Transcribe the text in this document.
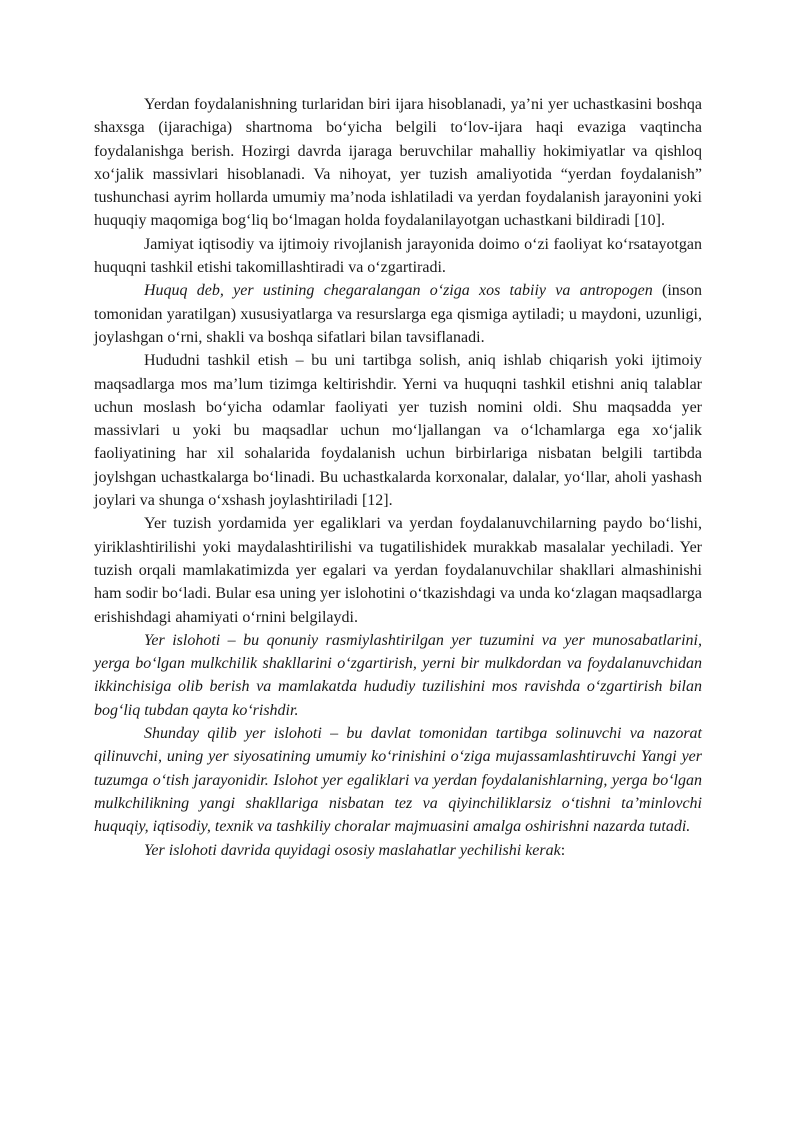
Yerdan foydalanishning turlaridan biri ijara hisoblanadi, ya’ni yer uchastkasini boshqa shaxsga (ijarachiga) shartnoma bo‘yicha belgili to‘lov-ijara haqi evaziga vaqtincha foydalanishga berish. Hozirgi davrda ijaraga beruvchilar mahalliy hokimiyatlar va qishloq xo‘jalik massivlari hisoblanadi. Va nihoyat, yer tuzish amaliyotida “yerdan foydalanish” tushunchasi ayrim hollarda umumiy ma’noda ishlatiladi va yerdan foydalanish jarayonini yoki huquqiy maqomiga bog‘liq bo‘lmagan holda foydalanilayotgan uchastkani bildiradi [10].

Jamiyat iqtisodiy va ijtimoiy rivojlanish jarayonida doimo o‘zi faoliyat ko‘rsatayotgan huquqni tashkil etishi takomillashtiradi va o‘zgartiradi.

Huquq deb, yer ustining chegaralangan o‘ziga xos tabiiy va antropogen (inson tomonidan yaratilgan) xususiyatlarga va resurslarga ega qismiga aytiladi; u maydoni, uzunligi, joylashgan o‘rni, shakli va boshqa sifatlari bilan tavsiflanadi.

Hududni tashkil etish – bu uni tartibga solish, aniq ishlab chiqarish yoki ijtimoiy maqsadlarga mos ma’lum tizimga keltirishdir. Yerni va huquqni tashkil etishni aniq talablar uchun moslash bo‘yicha odamlar faoliyati yer tuzish nomini oldi. Shu maqsadda yer massivlari u yoki bu maqsadlar uchun mo‘ljallangan va o‘lchamlarga ega xo‘jalik faoliyatining har xil sohalarida foydalanish uchun birbirlariga nisbatan belgili tartibda joylshgan uchastkalarga bo‘linadi. Bu uchastkalarda korxonalar, dalalar, yo‘llar, aholi yashash joylari va shunga o‘xshash joylashtiriladi [12].

Yer tuzish yordamida yer egaliklari va yerdan foydalanuvchilarning paydo bo‘lishi, yiriklashtirilishi yoki maydalashtirilishi va tugatilishidek murakkab masalalar yechiladi. Yer tuzish orqali mamlakatimizda yer egalari va yerdan foydalanuvchilar shakllari almashinishi ham sodir bo‘ladi. Bular esa uning yer islohotini o‘tkazishdagi va unda ko‘zlagan maqsadlarga erishishdagi ahamiyati o‘rnini belgilaydi.

Yer islohoti – bu qonuniy rasmiylashtirilgan yer tuzumini va yer munosabatlarini, yerga bo‘lgan mulkchilik shakllarini o‘zgartirish, yerni bir mulkdordan va foydalanuvchidan ikkinchisiga olib berish va mamlakatda hududiy tuzilishini mos ravishda o‘zgartirish bilan bog‘liq tubdan qayta ko‘rishdir.

Shunday qilib yer islohoti – bu davlat tomonidan tartibga solinuvchi va nazorat qilinuvchi, uning yer siyosatining umumiy ko‘rinishini o‘ziga mujassamlashtiruvchi Yangi yer tuzumga o‘tish jarayonidir. Islohot yer egaliklari va yerdan foydalanishlarning, yerga bo‘lgan mulkchilikning yangi shakllariga nisbatan tez va qiyinchiliklarsiz o‘tishni ta’minlovchi huquqiy, iqtisodiy, texnik va tashkiliy choralar majmuasini amalga oshirishni nazarda tutadi.

Yer islohoti davrida quyidagi ososiy maslahatlar yechilishi kerak:
